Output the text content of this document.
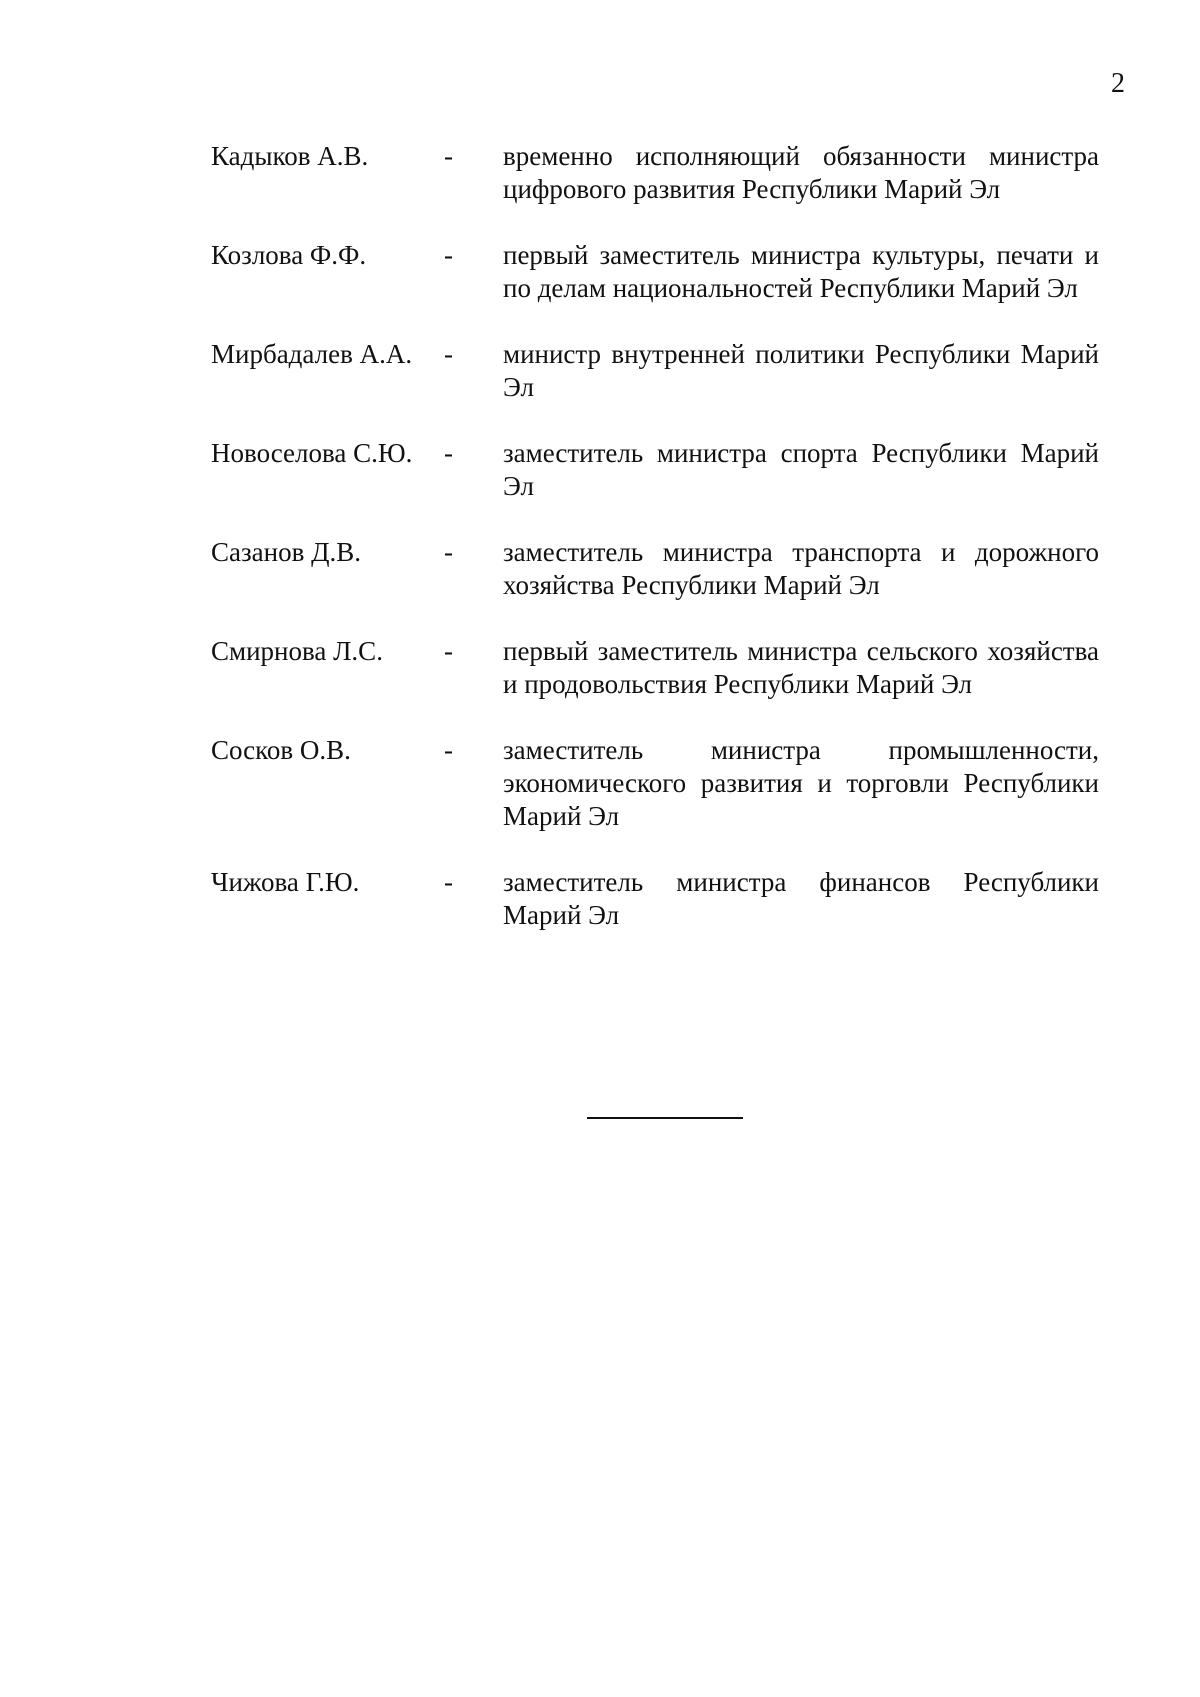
2
Кадыков А.В.	-	временно исполняющий обязанности министра цифрового развития Республики Марий Эл
Козлова Ф.Ф.	-	первый заместитель министра культуры, печати и по делам национальностей Республики Марий Эл
Мирбадалев А.А.	-	министр внутренней политики Республики Марий Эл
Новоселова С.Ю.	-	заместитель министра спорта Республики Марий Эл
Сазанов Д.В.	-	заместитель министра транспорта и дорожного хозяйства Республики Марий Эл
Смирнова Л.С.	-	первый заместитель министра сельского хозяйства и продовольствия Республики Марий Эл
Сосков О.В.	-	заместитель министра промышленности, экономического развития и торговли Республики Марий Эл
Чижова Г.Ю.	-	заместитель министра финансов Республики Марий Эл
